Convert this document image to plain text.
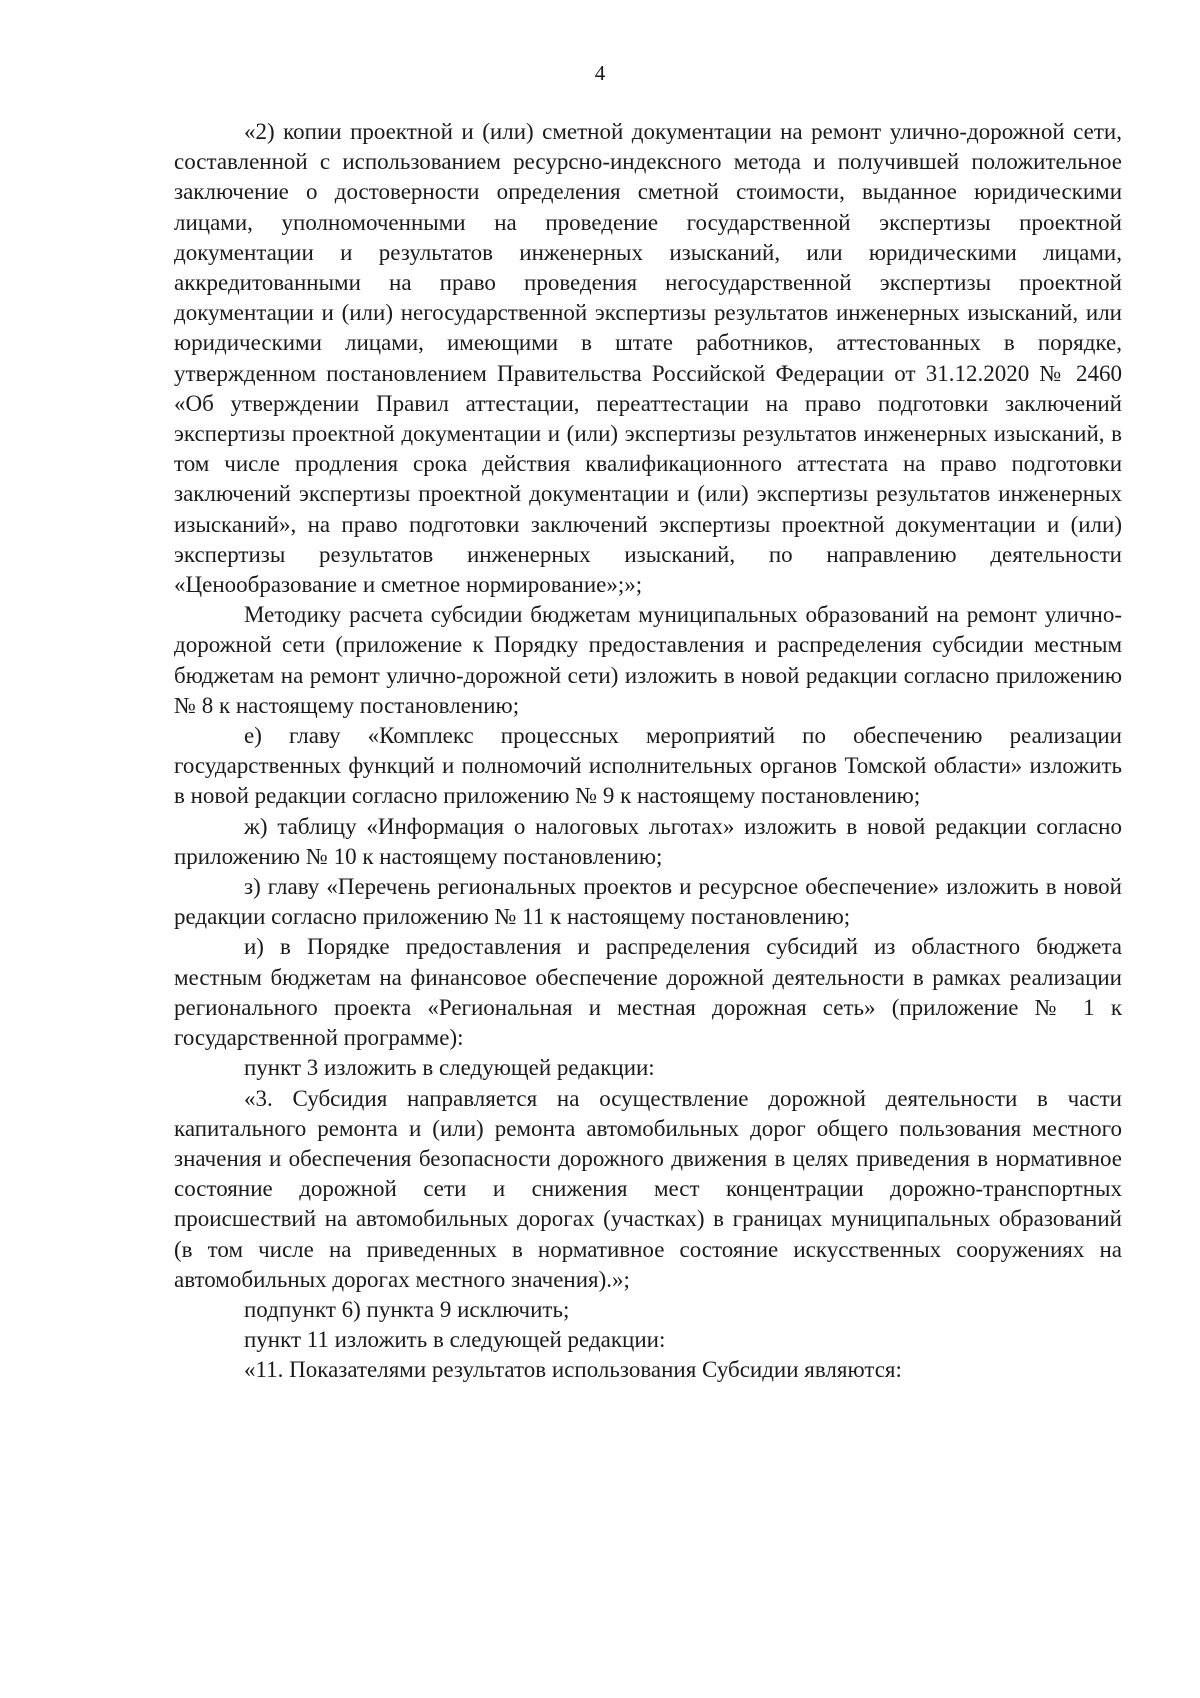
4

«2) копии проектной и (или) сметной документации на ремонт улично-дорожной сети, составленной с использованием ресурсно-индексного метода и получившей положительное заключение о достоверности определения сметной стоимости, выданное юридическими лицами, уполномоченными на проведение государственной экспертизы проектной документации и результатов инженерных изысканий, или юридическими лицами, аккредитованными на право проведения негосударственной экспертизы проектной документации и (или) негосударственной экспертизы результатов инженерных изысканий, или юридическими лицами, имеющими в штате работников, аттестованных в порядке, утвержденном постановлением Правительства Российской Федерации от 31.12.2020 № 2460 «Об утверждении Правил аттестации, переаттестации на право подготовки заключений экспертизы проектной документации и (или) экспертизы результатов инженерных изысканий, в том числе продления срока действия квалификационного аттестата на право подготовки заключений экспертизы проектной документации и (или) экспертизы результатов инженерных изысканий», на право подготовки заключений экспертизы проектной документации и (или) экспертизы результатов инженерных изысканий, по направлению деятельности «Ценообразование и сметное нормирование»;»;

Методику расчета субсидии бюджетам муниципальных образований на ремонт улично-дорожной сети (приложение к Порядку предоставления и распределения субсидии местным бюджетам на ремонт улично-дорожной сети) изложить в новой редакции согласно приложению № 8 к настоящему постановлению;

е) главу «Комплекс процессных мероприятий по обеспечению реализации государственных функций и полномочий исполнительных органов Томской области» изложить в новой редакции согласно приложению № 9 к настоящему постановлению;

ж) таблицу «Информация о налоговых льготах» изложить в новой редакции согласно приложению № 10 к настоящему постановлению;

з) главу «Перечень региональных проектов и ресурсное обеспечение» изложить в новой редакции согласно приложению № 11 к настоящему постановлению;

и) в Порядке предоставления и распределения субсидий из областного бюджета местным бюджетам на финансовое обеспечение дорожной деятельности в рамках реализации регионального проекта «Региональная и местная дорожная сеть» (приложение № 1 к государственной программе):

пункт 3 изложить в следующей редакции:

«3. Субсидия направляется на осуществление дорожной деятельности в части капитального ремонта и (или) ремонта автомобильных дорог общего пользования местного значения и обеспечения безопасности дорожного движения в целях приведения в нормативное состояние дорожной сети и снижения мест концентрации дорожно-транспортных происшествий на автомобильных дорогах (участках) в границах муниципальных образований (в том числе на приведенных в нормативное состояние искусственных сооружениях на автомобильных дорогах местного значения).»;

подпункт 6) пункта 9 исключить;

пункт 11 изложить в следующей редакции:

«11. Показателями результатов использования Субсидии являются:
